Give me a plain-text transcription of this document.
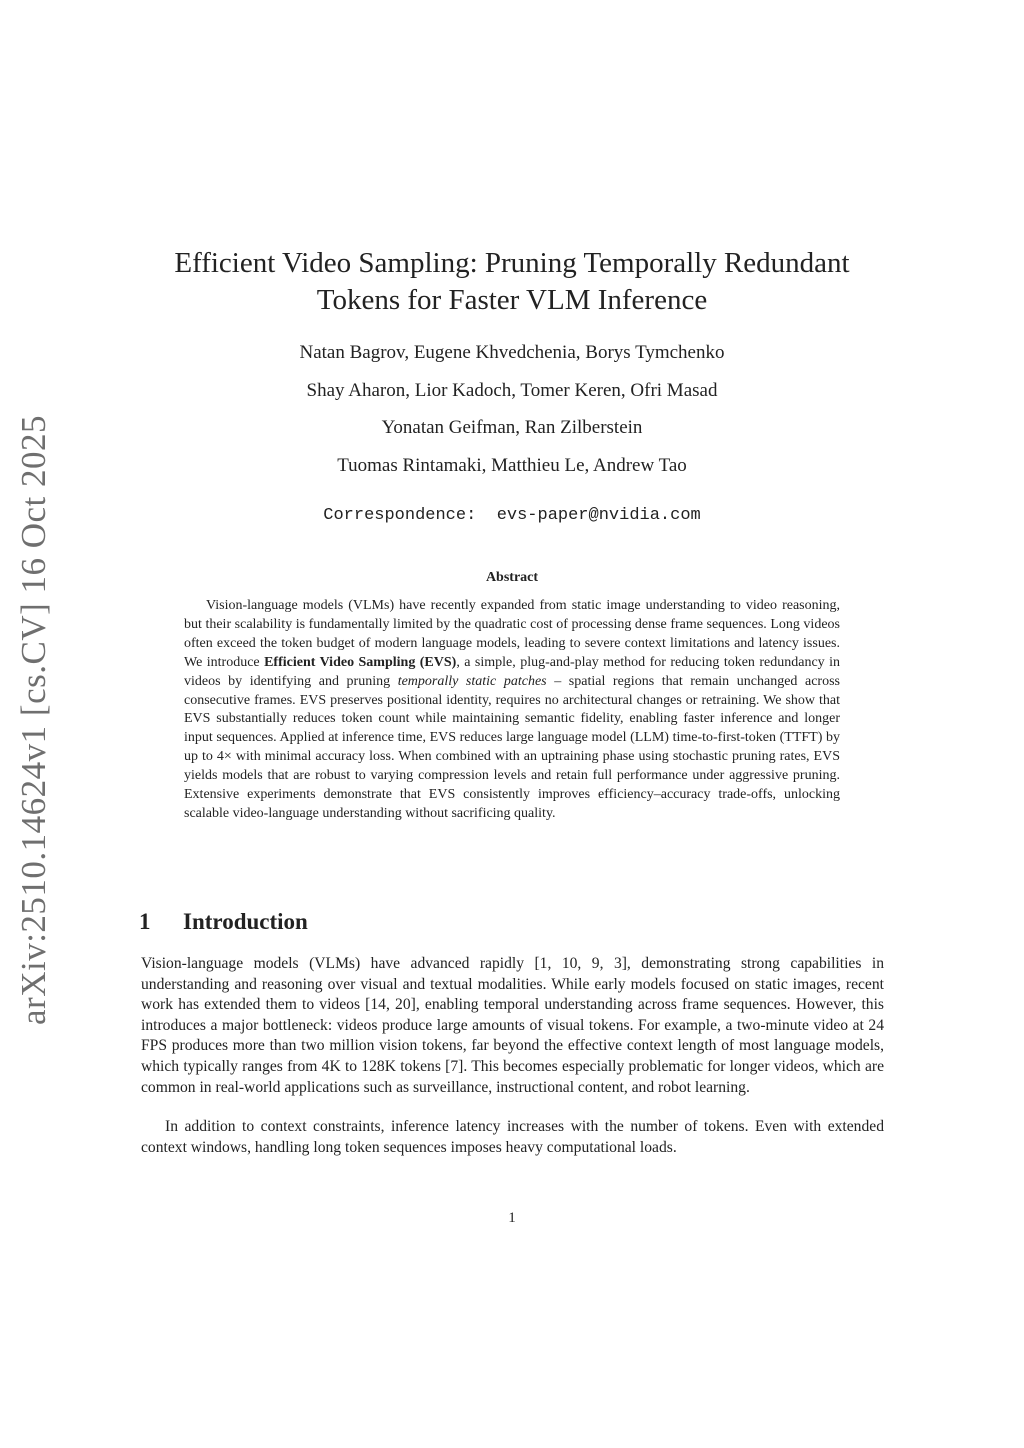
arXiv:2510.14624v1 [cs.CV] 16 Oct 2025
Efficient Video Sampling: Pruning Temporally Redundant
Tokens for Faster VLM Inference
Natan Bagrov, Eugene Khvedchenia, Borys Tymchenko
Shay Aharon, Lior Kadoch, Tomer Keren, Ofri Masad
Yonatan Geifman, Ran Zilberstein
Tuomas Rintamaki, Matthieu Le, Andrew Tao
Correspondence:  evs-paper@nvidia.com
Abstract

Vision-language models (VLMs) have recently expanded from static image understanding to video reasoning, but their scalability is fundamentally limited by the quadratic cost of processing dense frame sequences. Long videos often exceed the token budget of modern language models, leading to severe context limitations and latency issues. We introduce Efficient Video Sampling (EVS), a simple, plug-and-play method for reducing token redundancy in videos by identifying and pruning temporally static patches – spatial regions that remain unchanged across consecutive frames. EVS preserves positional identity, requires no architectural changes or retraining. We show that EVS substantially reduces token count while maintaining semantic fidelity, enabling faster inference and longer input sequences. Applied at inference time, EVS reduces large language model (LLM) time-to-first-token (TTFT) by up to 4× with minimal accuracy loss. When combined with an uptraining phase using stochastic pruning rates, EVS yields models that are robust to varying compression levels and retain full performance under aggressive pruning. Extensive experiments demonstrate that EVS consistently improves efficiency–accuracy trade-offs, unlocking scalable video-language understanding without sacrificing quality.

1 Introduction

Vision-language models (VLMs) have advanced rapidly [1, 10, 9, 3], demonstrating strong capabilities in understanding and reasoning over visual and textual modalities. While early models focused on static images, recent work has extended them to videos [14, 20], enabling temporal understanding across frame sequences. However, this introduces a major bottleneck: videos produce large amounts of visual tokens. For example, a two-minute video at 24 FPS produces more than two million vision tokens, far beyond the effective context length of most language models, which typically ranges from 4K to 128K tokens [7]. This becomes especially problematic for longer videos, which are common in real-world applications such as surveillance, instructional content, and robot learning.

In addition to context constraints, inference latency increases with the number of tokens. Even with extended context windows, handling long token sequences imposes heavy computational loads.

1
